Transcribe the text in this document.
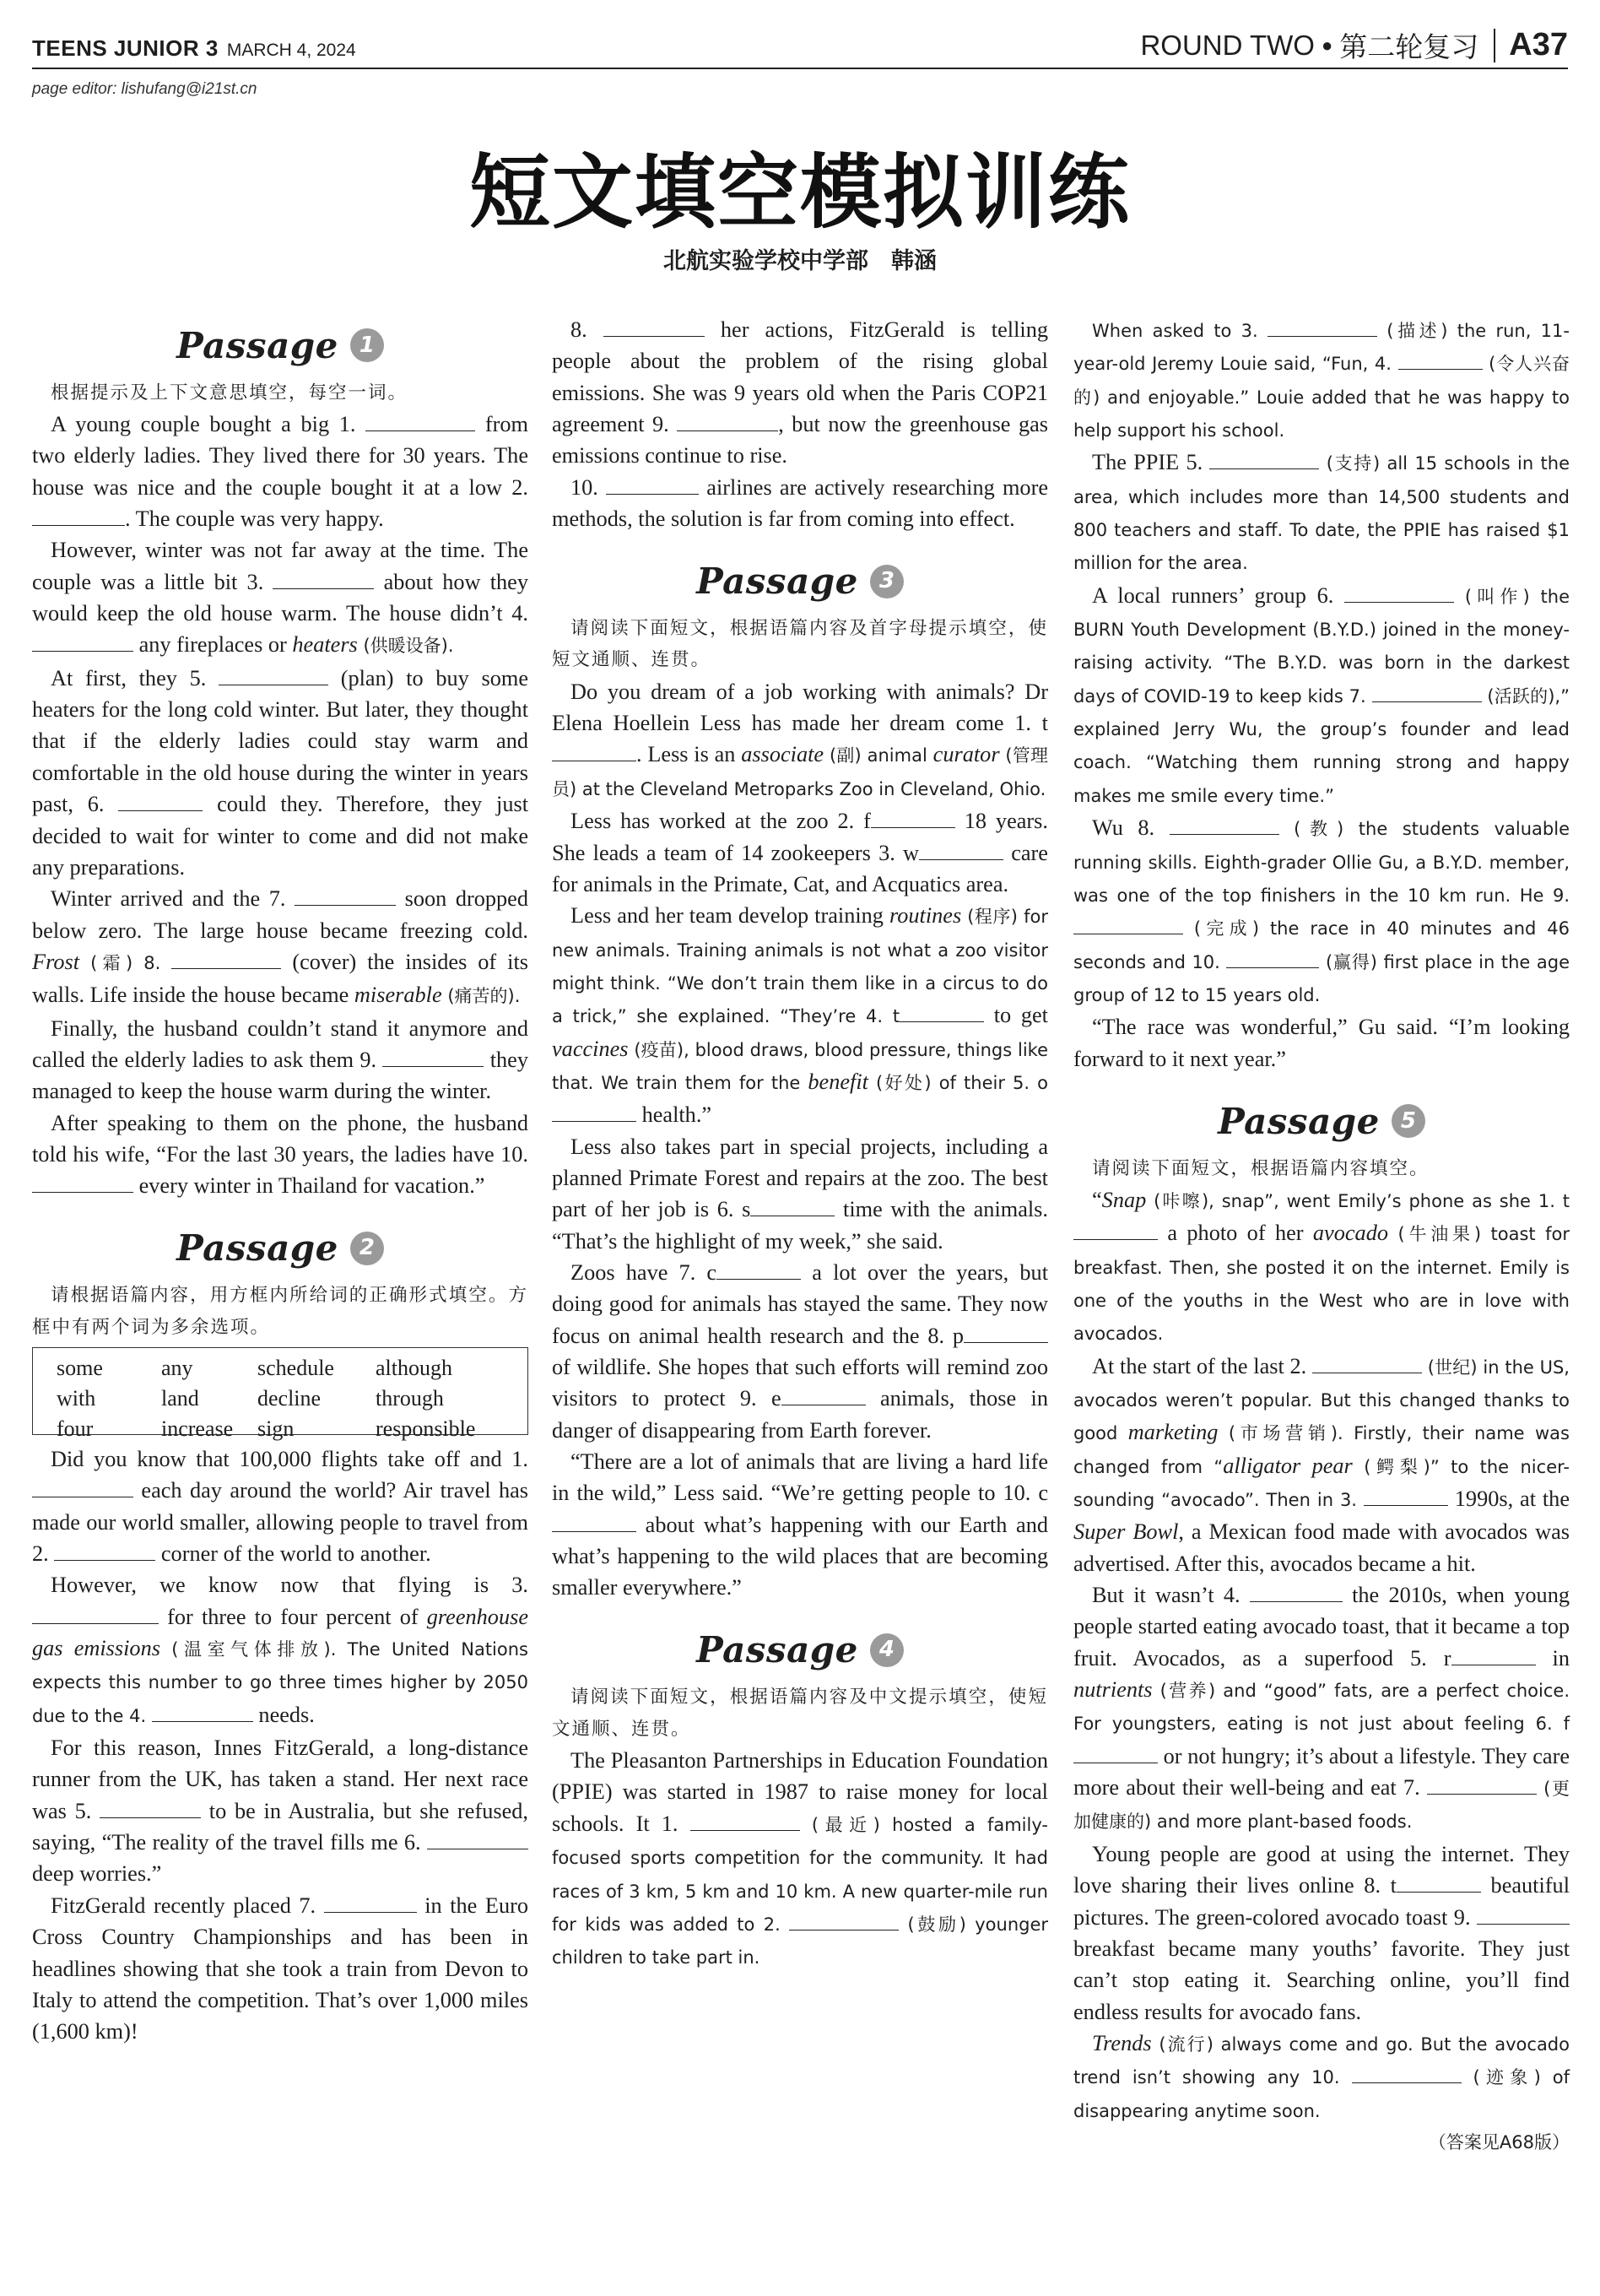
TEENS JUNIOR 3 MARCH 4, 2024
page editor: lishufang@i21st.cn
ROUND TWO ● 第二轮复习 A37
短文填空模拟训练
北航实验学校中学部　韩涵
Passage 1

根据提示及上下文意思填空，每空一词。

A young couple bought a big 1.	from two elderly ladies. They lived there for 30 years. The house was nice and the couple bought it at a low 2. . The couple was very happy.

However, winter was not far away at the time. The couple was a little bit 3.	about how they would keep the old house warm. The house didn’t 4.  any fireplaces or heaters (供暖设备).

At first, they 5.	(plan) to buy some heaters for the long cold winter. But later, they thought that if the elderly ladies could stay warm and comfortable in the old house during the winter in years past, 6.	could they. Therefore, they just decided to wait for winter to come and did not make any preparations.

Winter arrived and the 7.	soon dropped below zero. The large house became freezing cold. Frost (霜) 8.	(cover) the insides of its walls. Life inside the house became miserable (痛苦的).

Finally, the husband couldn’t stand it anymore and called the elderly ladies to ask them 9.	they managed to keep the house warm during the winter.

After speaking to them on the phone, the husband told his wife, “For the last 30 years, the ladies have 10.  every winter in Thailand for vacation.”

Passage 2

请根据语篇内容，用方框内所给词的正确形式填空。方框中有两个词为多余选项。

some	any	schedule	although
with	land	decline	through
four	increase	sign	responsible

Did you know that 100,000 flights take off and 1.  each day around the world? Air travel has made our world smaller, allowing people to travel from 2.	corner of the world to another.

However, we know now that flying is 3.  for three to four percent of greenhouse gas emissions (温室气体排放). The United Nations expects this number to go three times higher by 2050 due to the 4.	needs.

For this reason, Innes FitzGerald, a long-distance runner from the UK, has taken a stand. Her next race was 5.	to be in Australia, but she refused, saying, “The reality of the travel fills me 6.  deep worries.”

FitzGerald recently placed 7.	in the Euro Cross Country Championships and has been in headlines showing that she took a train from Devon to Italy to attend the competition. That’s over 1,000 miles (1,600 km)!

8.	her actions, FitzGerald is telling people about the problem of the rising global emissions. She was 9 years old when the Paris COP21 agreement 9.	, but now the greenhouse gas emissions continue to rise.

10.	airlines are actively researching more methods, the solution is far from coming into effect.

Passage 3

请阅读下面短文，根据语篇内容及首字母提示填空，使短文通顺、连贯。

Do you dream of a job working with animals? Dr Elena Hoellein Less has made her dream come 1. t. Less is an associate (副) animal curator (管理员) at the Cleveland Metroparks Zoo in Cleveland, Ohio.

Less has worked at the zoo 2. f	18 years. She leads a team of 14 zookeepers 3. w	care for animals in the Primate, Cat, and Acquatics area.

Less and her team develop training routines (程序) for new animals. Training animals is not what a zoo visitor might think. “We don’t train them like in a circus to do a trick,” she explained. “They’re 4. t	to get vaccines (疫苗), blood draws, blood pressure, things like that. We train them for the benefit (好处) of their 5. o health.”

Less also takes part in special projects, including a planned Primate Forest and repairs at the zoo. The best part of her job is 6. s	time with the animals. “That’s the highlight of my week,” she said.

Zoos have 7. c	a lot over the years, but doing good for animals has stayed the same. They now focus on animal health research and the 8. p of wildlife. She hopes that such efforts will remind zoo visitors to protect 9. e	animals, those in danger of disappearing from Earth forever.

“There are a lot of animals that are living a hard life in the wild,” Less said. “We’re getting people to 10. c about what’s happening with our Earth and what’s happening to the wild places that are becoming smaller everywhere.”

Passage 4

请阅读下面短文，根据语篇内容及中文提示填空，使短文通顺、连贯。

The Pleasanton Partnerships in Education Foundation (PPIE) was started in 1987 to raise money for local schools. It 1.	(最近) hosted a family-focused sports competition for the community. It had races of 3 km, 5 km and 10 km. A new quarter-mile run for kids was added to 2.	(鼓励) younger children to take part in.

When asked to 3.	(描述) the run, 11-year-old Jeremy Louie said, “Fun, 4.	(令人兴奋的) and enjoyable.” Louie added that he was happy to help support his school.

The PPIE 5.	(支持) all 15 schools in the area, which includes more than 14,500 students and 800 teachers and staff. To date, the PPIE has raised $1 million for the area.

A local runners’ group 6.	(叫作) the BURN Youth Development (B.Y.D.) joined in the money-raising activity. “The B.Y.D. was born in the darkest days of COVID-19 to keep kids 7.	(活跃的),” explained Jerry Wu, the group’s founder and lead coach. “Watching them running strong and happy makes me smile every time.”

Wu 8.	(教) the students valuable running skills. Eighth-grader Ollie Gu, a B.Y.D. member, was one of the top finishers in the 10 km run. He 9.  (完成) the race in 40 minutes and 46 seconds and 10.	(赢得) first place in the age group of 12 to 15 years old.

“The race was wonderful,” Gu said. “I’m looking forward to it next year.”

Passage 5

请阅读下面短文，根据语篇内容填空。

“Snap (咔嚓), snap”, went Emily’s phone as she 1. t a photo of her avocado (牛油果) toast for breakfast. Then, she posted it on the internet. Emily is one of the youths in the West who are in love with avocados.

At the start of the last 2.	(世纪) in the US, avocados weren’t popular. But this changed thanks to good marketing (市场营销). Firstly, their name was changed from “alligator pear (鳄梨)” to the nicer-sounding “avocado”. Then in 3.	1990s, at the Super Bowl, a Mexican food made with avocados was advertised. After this, avocados became a hit.

But it wasn’t 4.	the 2010s, when young people started eating avocado toast, that it became a top fruit. Avocados, as a superfood 5. r	in nutrients (营养) and “good” fats, are a perfect choice. For youngsters, eating is not just about feeling 6. f or not hungry; it’s about a lifestyle. They care more about their well-being and eat 7.	(更加健康的) and more plant-based foods.

Young people are good at using the internet. They love sharing their lives online 8. t	beautiful pictures. The green-colored avocado toast 9.  breakfast became many youths’ favorite. They just can’t stop eating it. Searching online, you’ll find endless results for avocado fans.

Trends (流行) always come and go. But the avocado trend isn’t showing any 10.	(迹象) of disappearing anytime soon.

（答案见A68版）
